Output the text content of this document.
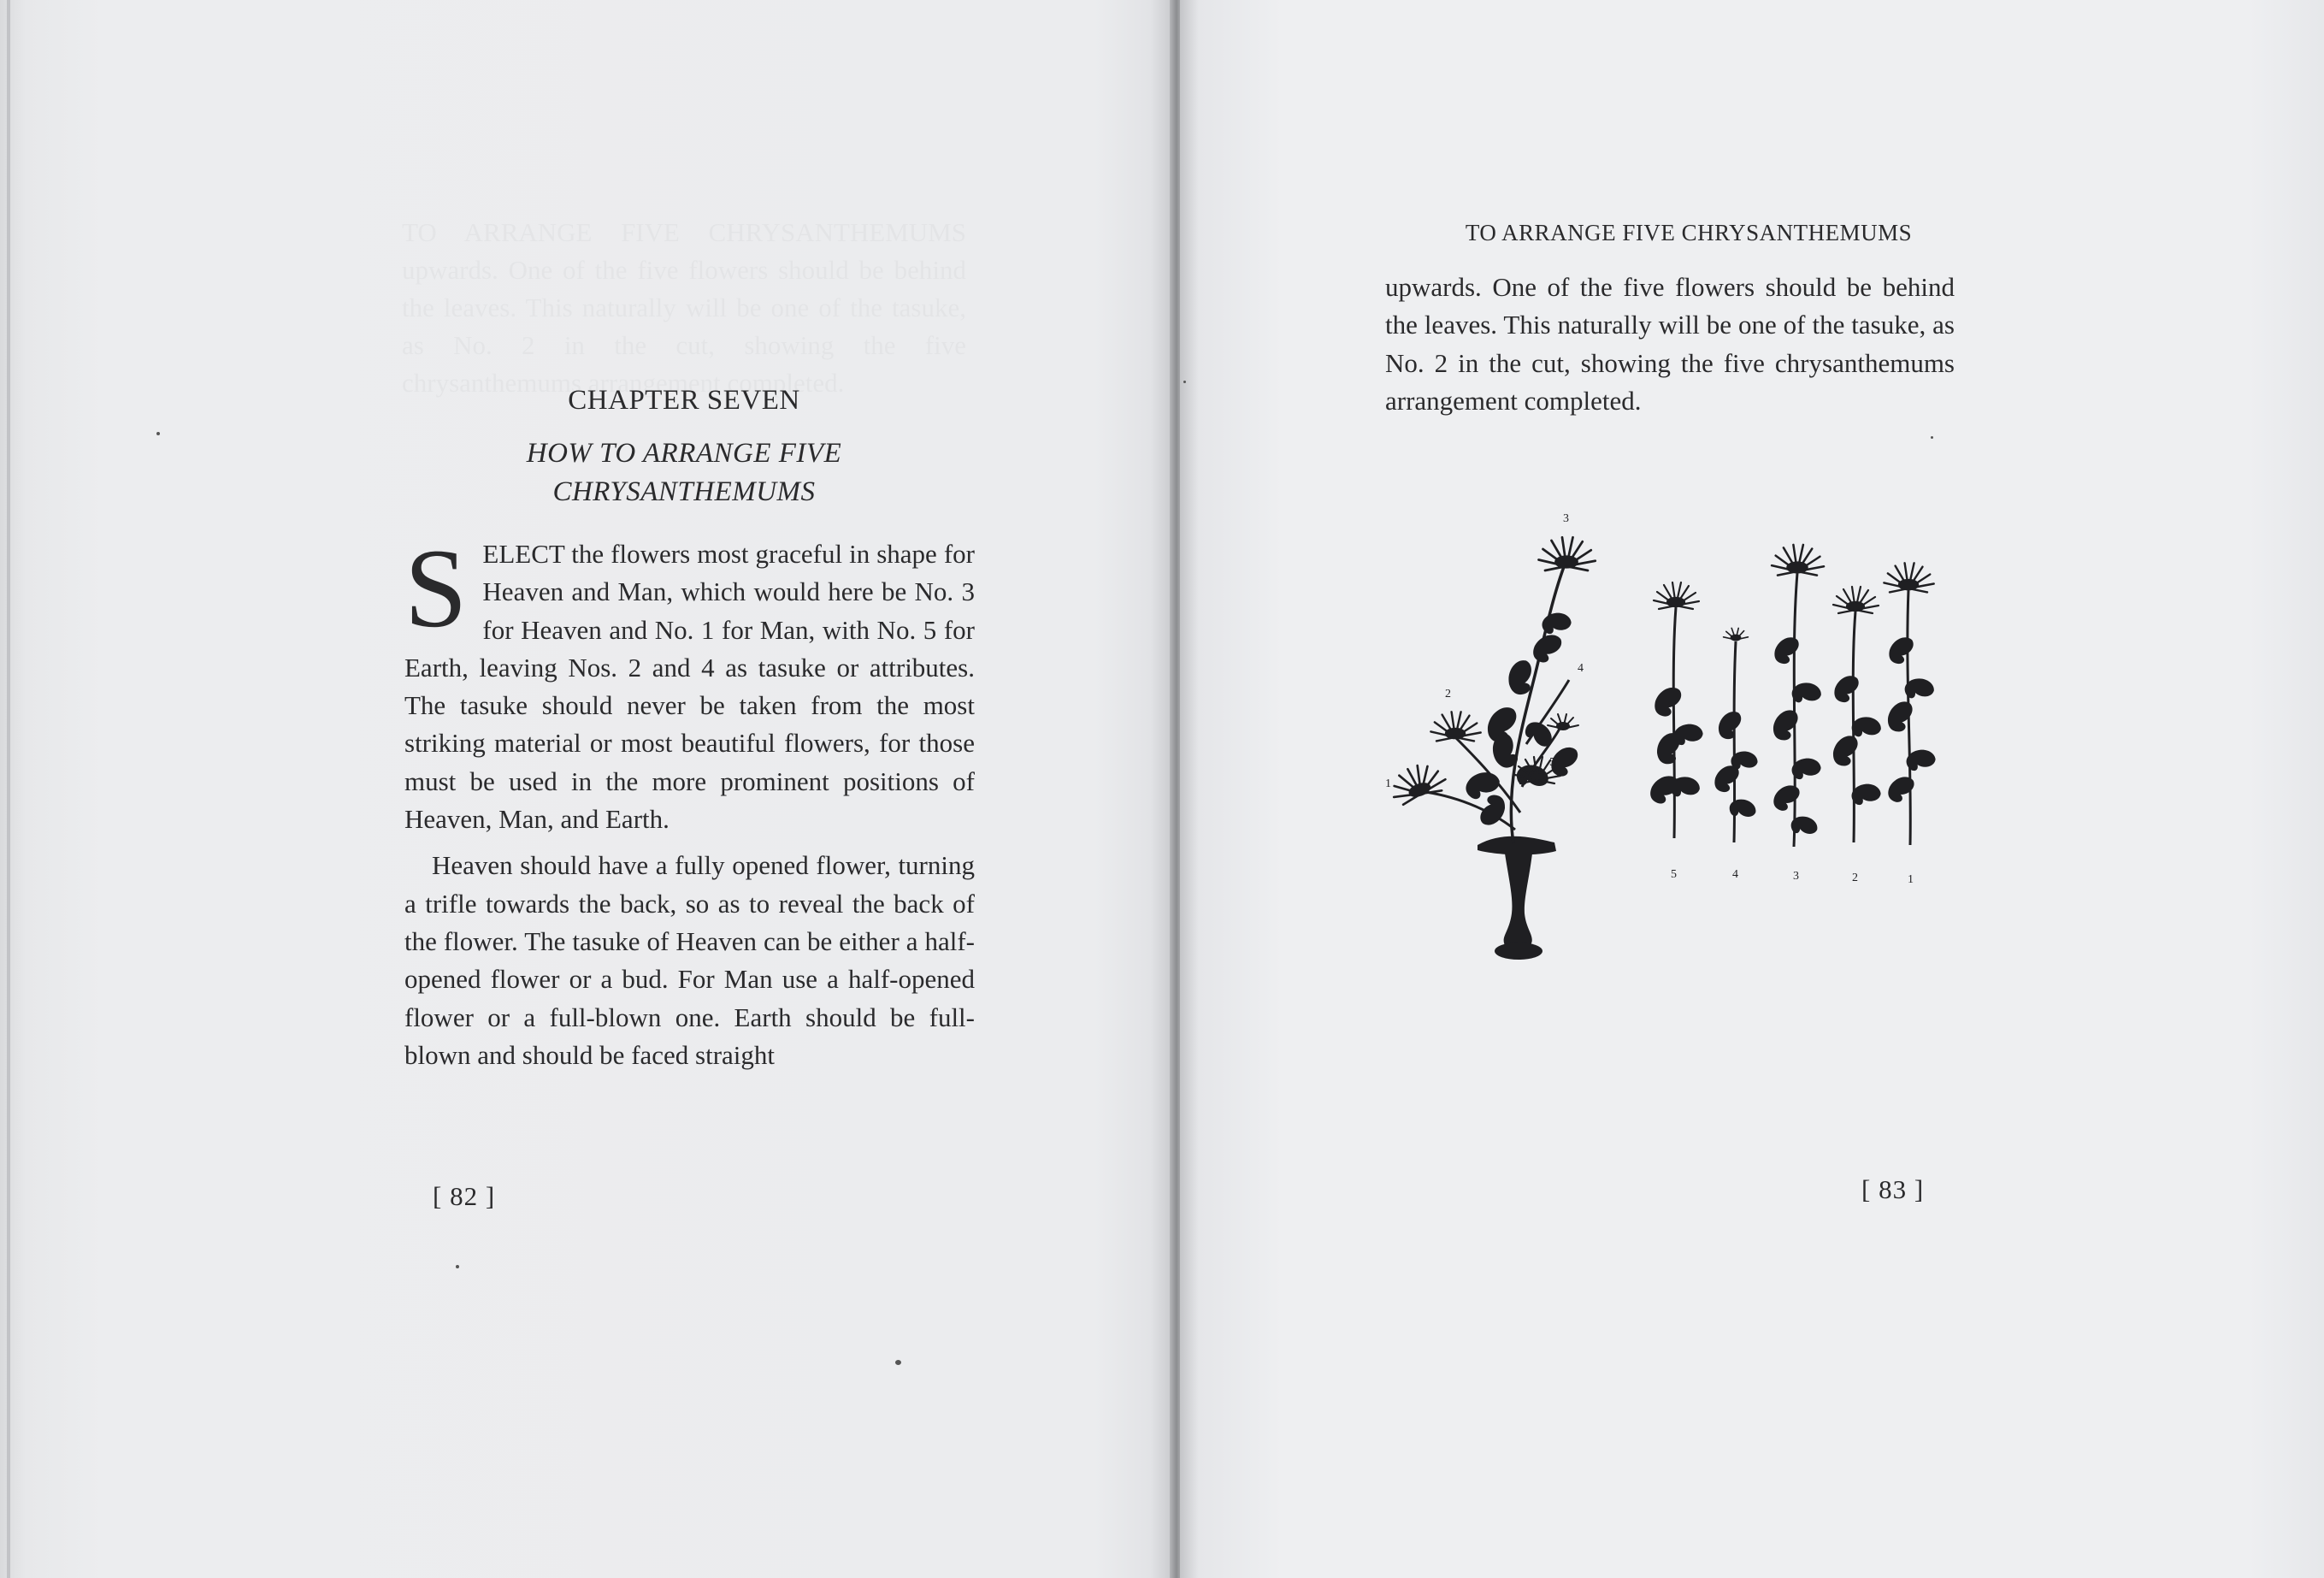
CHAPTER SEVEN
HOW TO ARRANGE FIVE
CHRYSANTHEMUMS

SELECT the flowers most graceful in shape for Heaven and Man, which would here be No. 3 for Heaven and No. 1 for Man, with No. 5 for Earth, leaving Nos. 2 and 4 as tasuke or attributes. The tasuke should never be taken from the most striking material or most beautiful flowers, for those must be used in the more prominent positions of Heaven, Man, and Earth.

Heaven should have a fully opened flower, turning a trifle towards the back, so as to reveal the back of the flower. The tasuke of Heaven can be either a half-opened flower or a bud. For Man use a half-opened flower or a full-blown one. Earth should be full-blown and should be faced straight

[ 82 ]
TO ARRANGE FIVE CHRYSANTHEMUMS

upwards. One of the five flowers should be behind the leaves. This naturally will be one of the tasuke, as No. 2 in the cut, showing the five chrysanthemums arrangement completed.

3
4
2
5
1
5	4	3	2	1
[ 83 ]
